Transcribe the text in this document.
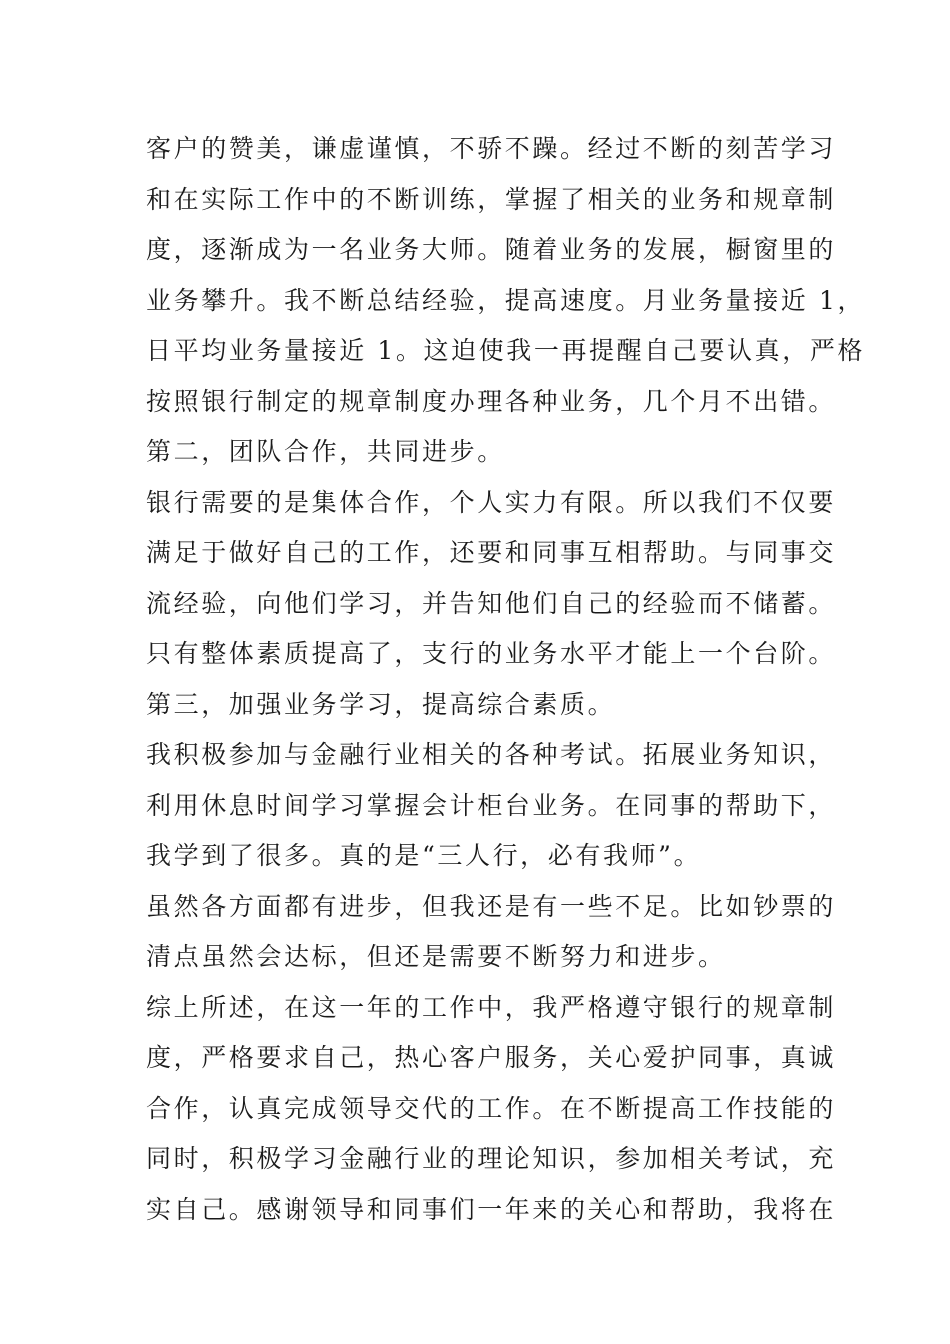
客户的赞美，谦虚谨慎，不骄不躁。经过不断的刻苦学习
和在实际工作中的不断训练，掌握了相关的业务和规章制
度，逐渐成为一名业务大师。随着业务的发展，橱窗里的
业务攀升。我不断总结经验，提高速度。月业务量接近 1，
日平均业务量接近 1。这迫使我一再提醒自己要认真，严格
按照银行制定的规章制度办理各种业务，几个月不出错。
第二，团队合作，共同进步。
银行需要的是集体合作，个人实力有限。所以我们不仅要
满足于做好自己的工作，还要和同事互相帮助。与同事交
流经验，向他们学习，并告知他们自己的经验而不储蓄。
只有整体素质提高了，支行的业务水平才能上一个台阶。
第三，加强业务学习，提高综合素质。
我积极参加与金融行业相关的各种考试。拓展业务知识，
利用休息时间学习掌握会计柜台业务。在同事的帮助下，
我学到了很多。真的是“三人行，必有我师”。
虽然各方面都有进步，但我还是有一些不足。比如钞票的
清点虽然会达标，但还是需要不断努力和进步。
综上所述，在这一年的工作中，我严格遵守银行的规章制
度，严格要求自己，热心客户服务，关心爱护同事，真诚
合作，认真完成领导交代的工作。在不断提高工作技能的
同时，积极学习金融行业的理论知识，参加相关考试，充
实自己。感谢领导和同事们一年来的关心和帮助，我将在
